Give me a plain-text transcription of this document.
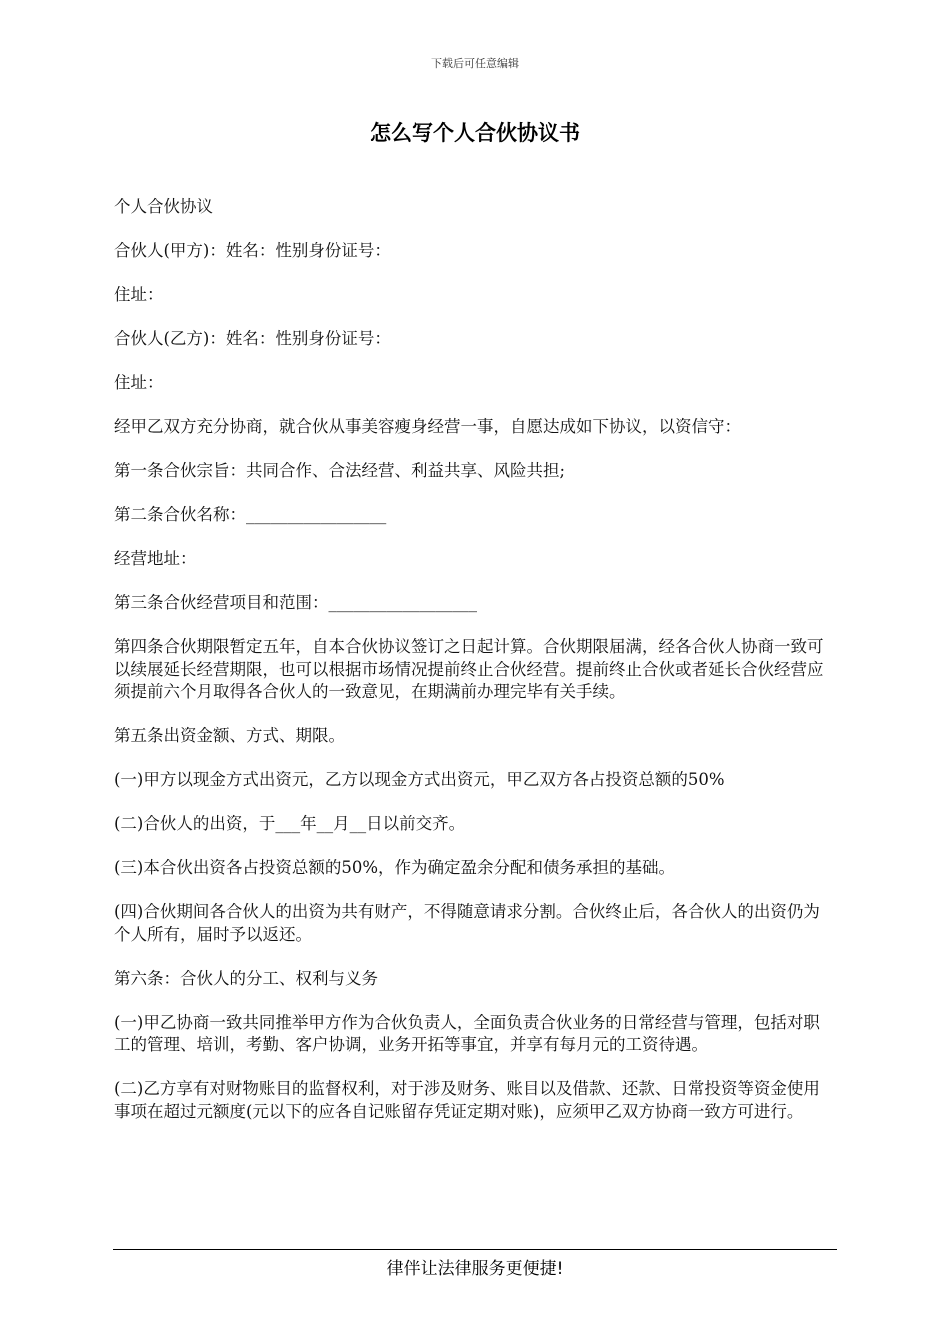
下载后可任意编辑
怎么写个人合伙协议书

个人合伙协议

合伙人(甲方)：姓名：性别身份证号：

住址：

合伙人(乙方)：姓名：性别身份证号：

住址：

经甲乙双方充分协商，就合伙从事美容瘦身经营一事，自愿达成如下协议，以资信守：

第一条合伙宗旨：共同合作、合法经营、利益共享、风险共担;

第二条合伙名称：_________________

经营地址：

第三条合伙经营项目和范围：__________________

第四条合伙期限暂定五年，自本合伙协议签订之日起计算。合伙期限届满，经各合伙人协商一致可以续展延长经营期限，也可以根据市场情况提前终止合伙经营。提前终止合伙或者延长合伙经营应须提前六个月取得各合伙人的一致意见，在期满前办理完毕有关手续。

第五条出资金额、方式、期限。

(一)甲方以现金方式出资元，乙方以现金方式出资元，甲乙双方各占投资总额的50%

(二)合伙人的出资，于___年__月__日以前交齐。

(三)本合伙出资各占投资总额的50%，作为确定盈余分配和债务承担的基础。

(四)合伙期间各合伙人的出资为共有财产，不得随意请求分割。合伙终止后，各合伙人的出资仍为个人所有，届时予以返还。

第六条：合伙人的分工、权利与义务

(一)甲乙协商一致共同推举甲方作为合伙负责人，全面负责合伙业务的日常经营与管理，包括对职工的管理、培训，考勤、客户协调，业务开拓等事宜，并享有每月元的工资待遇。

(二)乙方享有对财物账目的监督权利，对于涉及财务、账目以及借款、还款、日常投资等资金使用事项在超过元额度(元以下的应各自记账留存凭证定期对账)，应须甲乙双方协商一致方可进行。

律伴让法律服务更便捷!
